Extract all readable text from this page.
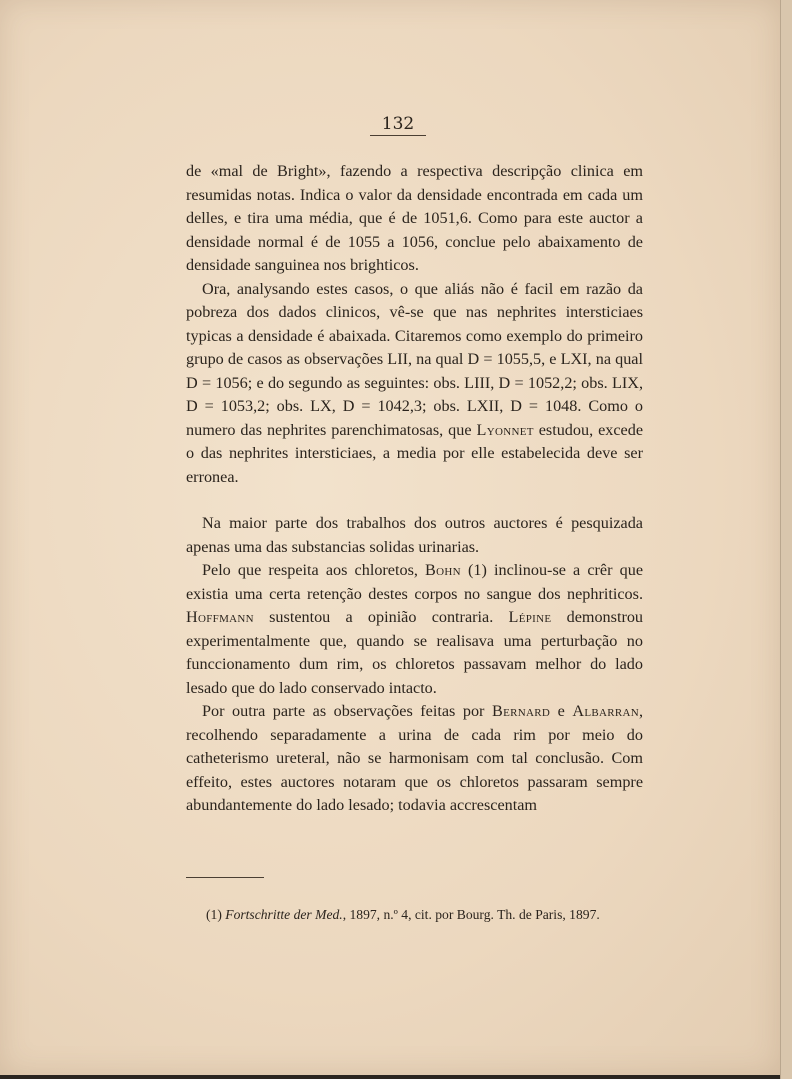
132

de «mal de Bright», fazendo a respectiva descripção clinica em resumidas notas. Indica o valor da densidade encontrada em cada um delles, e tira uma média, que é de 1051,6. Como para este auctor a densidade normal é de 1055 a 1056, conclue pelo abaixamento de densidade sanguinea nos brighticos.

Ora, analysando estes casos, o que aliás não é facil em razão da pobreza dos dados clinicos, vê-se que nas nephrites intersticiaes typicas a densidade é abaixada. Citaremos como exemplo do primeiro grupo de casos as observações LII, na qual D = 1055,5, e LXI, na qual D = 1056; e do segundo as seguintes: obs. LIII, D = 1052,2; obs. LIX, D = 1053,2; obs. LX, D = 1042,3; obs. LXII, D = 1048. Como o numero das nephrites parenchimatosas, que Lyonnet estudou, excede o das nephrites intersticiaes, a media por elle estabelecida deve ser erronea.

Na maior parte dos trabalhos dos outros auctores é pesquizada apenas uma das substancias solidas urinarias.

Pelo que respeita aos chloretos, Bohn (1) inclinou-se a crêr que existia uma certa retenção destes corpos no sangue dos nephriticos. Hoffmann sustentou a opinião contraria. Lépine demonstrou experimentalmente que, quando se realisava uma perturbação no funccionamento dum rim, os chloretos passavam melhor do lado lesado que do lado conservado intacto.

Por outra parte as observações feitas por Bernard e Albarran, recolhendo separadamente a urina de cada rim por meio do catheterismo ureteral, não se harmonisam com tal conclusão. Com effeito, estes auctores notaram que os chloretos passaram sempre abundantemente do lado lesado; todavia accrescentam

(1) Fortschritte der Med., 1897, n.º 4, cit. por Bourg. Th. de Paris, 1897.
